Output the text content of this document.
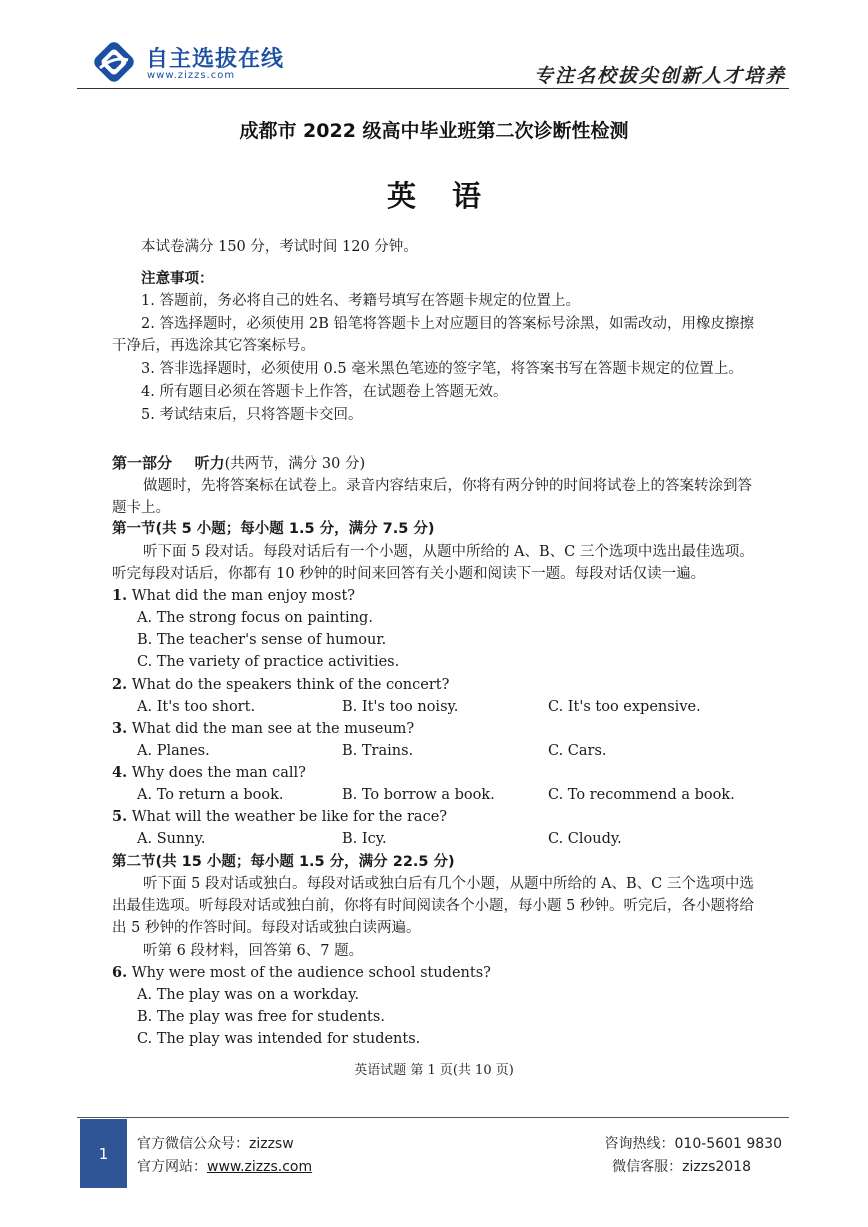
自主选拔在线
www.zizzs.com	专注名校拔尖创新人才培养
成都市 2022 级高中毕业班第二次诊断性检测
英语
本试卷满分 150 分，考试时间 120 分钟。
注意事项：
1. 答题前，务必将自己的姓名、考籍号填写在答题卡规定的位置上。
2. 答选择题时，必须使用 2B 铅笔将答题卡上对应题目的答案标号涂黑，如需改动，用橡皮擦擦干净后，再选涂其它答案标号。
3. 答非选择题时，必须使用 0.5 毫米黑色笔迹的签字笔，将答案书写在答题卡规定的位置上。
4. 所有题目必须在答题卡上作答，在试题卷上答题无效。
5. 考试结束后，只将答题卡交回。
第一部分 听力(共两节，满分 30 分)
做题时，先将答案标在试卷上。录音内容结束后，你将有两分钟的时间将试卷上的答案转涂到答题卡上。
第一节(共 5 小题；每小题 1.5 分，满分 7.5 分)
听下面 5 段对话。每段对话后有一个小题，从题中所给的 A、B、C 三个选项中选出最佳选项。听完每段对话后，你都有 10 秒钟的时间来回答有关小题和阅读下一题。每段对话仅读一遍。
1. What did the man enjoy most?
A. The strong focus on painting.
B. The teacher's sense of humour.
C. The variety of practice activities.
2. What do the speakers think of the concert?
A. It's too short.	B. It's too noisy.	C. It's too expensive.
3. What did the man see at the museum?
A. Planes.	B. Trains.	C. Cars.
4. Why does the man call?
A. To return a book.	B. To borrow a book.	C. To recommend a book.
5. What will the weather be like for the race?
A. Sunny.	B. Icy.	C. Cloudy.
第二节(共 15 小题；每小题 1.5 分，满分 22.5 分)
听下面 5 段对话或独白。每段对话或独白后有几个小题，从题中所给的 A、B、C 三个选项中选出最佳选项。听每段对话或独白前，你将有时间阅读各个小题，每小题 5 秒钟。听完后，各小题将给出 5 秒钟的作答时间。每段对话或独白读两遍。
听第 6 段材料，回答第 6、7 题。
6. Why were most of the audience school students?
A. The play was on a workday.
B. The play was free for students.
C. The play was intended for students.
英语试题 第 1 页(共 10 页)
1
官方微信公众号：zizzsw
官方网站：www.zizzs.com
咨询热线：010-5601 9830
微信客服：zizzs2018
